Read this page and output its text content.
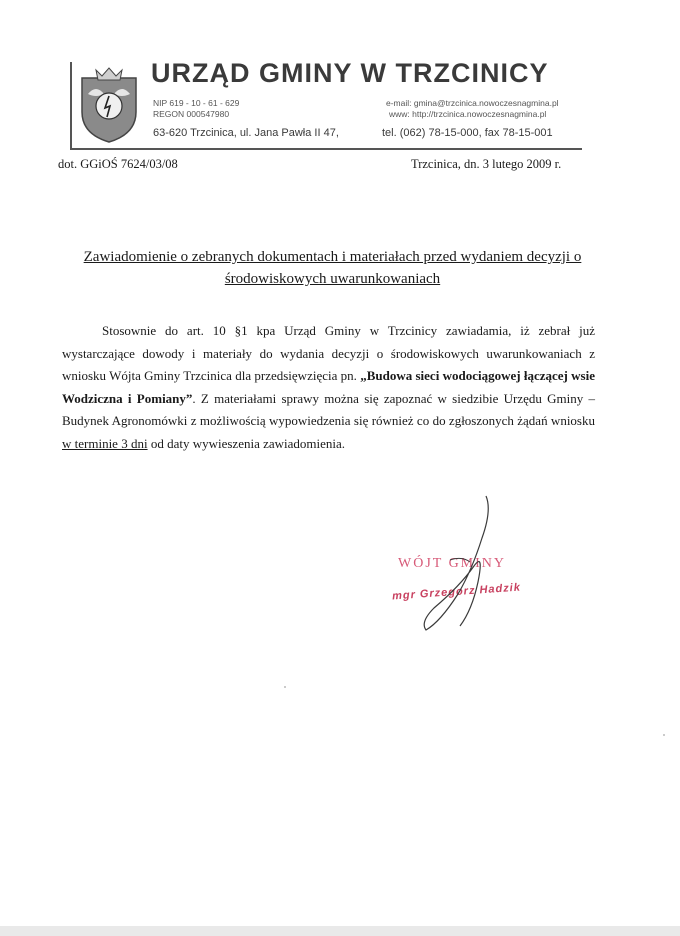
URZĄD GMINY W TRZCINICY
NIP 619 - 10 - 61 - 629
REGON 000547980
e-mail: gmina@trzcinica.nowoczesnagmina.pl
www: http://trzcinica.nowoczesnagmina.pl
63-620 Trzcinica, ul. Jana Pawła II 47,	tel. (062) 78-15-000, fax 78-15-001
dot. GGiOŚ 7624/03/08	Trzcinica, dn. 3 lutego 2009 r.
Zawiadomienie o zebranych dokumentach i materiałach przed wydaniem decyzji o
środowiskowych uwarunkowaniach
Stosownie do art. 10 §1 kpa Urząd Gminy w Trzcinicy zawiadamia, iż zebrał już wystarczające dowody i materiały do wydania decyzji o środowiskowych uwarunkowaniach z wniosku Wójta Gminy Trzcinica dla przedsięwzięcia pn. „Budowa sieci wodociągowej łączącej wsie Wodziczna i Pomiany”. Z materiałami sprawy można się zapoznać w siedzibie Urzędu Gminy – Budynek Agronomówki z możliwością wypowiedzenia się również co do zgłoszonych żądań wniosku w terminie 3 dni od daty wywieszenia zawiadomienia.
WÓJT GMINY
mgr Grzegorz Hadzik
